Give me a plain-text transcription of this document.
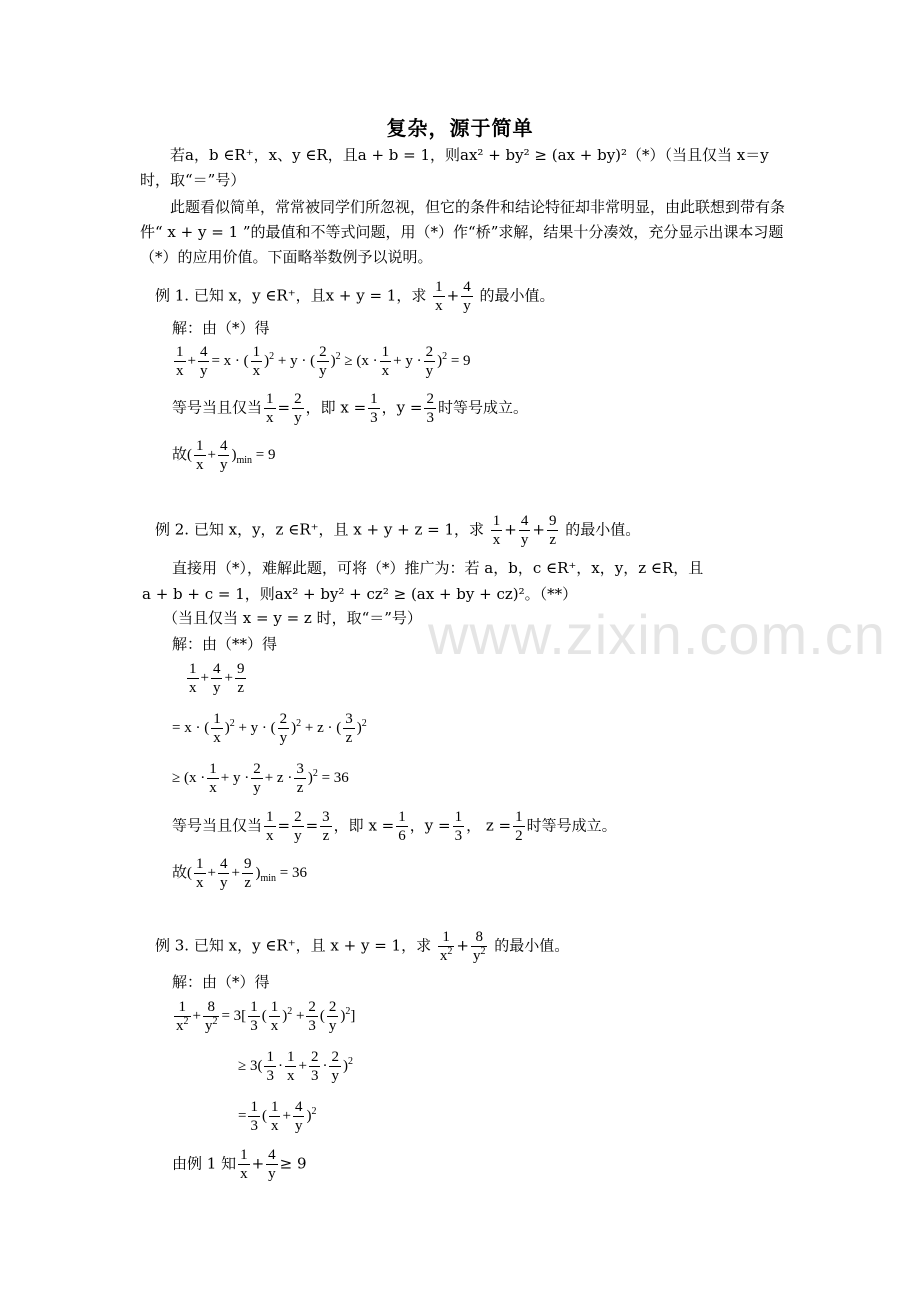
复杂，源于简单
若a，b ∈R⁺，x、y ∈R，且a + b = 1，则ax² + by² ≥ (ax + by)²（*）（当且仅当 x＝y
时，取“＝”号）
此题看似简单，常常被同学们所忽视，但它的条件和结论特征却非常明显，由此联想到带有条件“ x + y = 1 ”的最值和不等式问题，用（*）作“桥”求解，结果十分凑效，充分显示出课本习题（*）的应用价值。下面略举数例予以说明。
例 1. 已知 x，y ∈R⁺，且x + y = 1，求 $\frac{1}{x} + \frac{4}{y}$ 的最小值。
解：由（*）得
$\frac{1}{x} + \frac{4}{y} = x$ · ( $\frac{1}{x} )^2 + y$ · ( $\frac{2}{y} )^2 \ge (x \cdot \frac{1}{x} + y \cdot \frac{2}{y} )^2 = 9$
等号当且仅当 $\frac{1}{x} = \frac{2}{y}$ ，即 $x = \frac{1}{3}$ ，$y = \frac{2}{3}$ 时等号成立。
故( $\frac{1}{x} + \frac{4}{y} )_{min} = 9$
例 2. 已知 x，y，z ∈R⁺，且 x + y + z = 1，求 $\frac{1}{x} + \frac{4}{y} + \frac{9}{z}$ 的最小值。
直接用（*），难解此题，可将（*）推广为：若 a，b，c ∈R⁺，x，y，z ∈R，且
a + b + c = 1，则ax² + by² + cz² ≥ (ax + by + cz)²。（**）
（当且仅当 x = y = z 时，取“＝”号）
解：由（**）得
$\frac{1}{x} + \frac{4}{y} + \frac{9}{z}$
= x · ( $\frac{1}{x} )^2 + y$ · ( $\frac{2}{y} )^2 + z$ · ( $\frac{3}{z} )^2$
≥ $(x \cdot \frac{1}{x} + y \cdot \frac{2}{y} + z \cdot \frac{3}{z} )^2 = 36$
等号当且仅当 $\frac{1}{x} = \frac{2}{y} = \frac{3}{z}$ ，即 $x = \frac{1}{6}$ ，$y = \frac{1}{3}$ ， $z = \frac{1}{2}$ 时等号成立。
故( $\frac{1}{x} + \frac{4}{y} + \frac{9}{z} )_{min} = 36$
例 3. 已知 x，y ∈R⁺，且 x + y = 1，求 $\frac{1}{x^2} + \frac{8}{y^2}$ 的最小值。
解：由（*）得
$\frac{1}{x^2} + \frac{8}{y^2} = 3[ \frac{1}{3}$ ( $\frac{1}{x} )^2 + \frac{2}{3}$ ( $\frac{2}{y} )^2$]
≥ $3( \frac{1}{3} \cdot \frac{1}{x} + \frac{2}{3} \cdot \frac{2}{y} )^2$
= $\frac{1}{3}$ ( $\frac{1}{x} + \frac{4}{y} )^2$
由例 1 知 $\frac{1}{x} + \frac{4}{y} \ge 9$
www.zixin.com.cn
